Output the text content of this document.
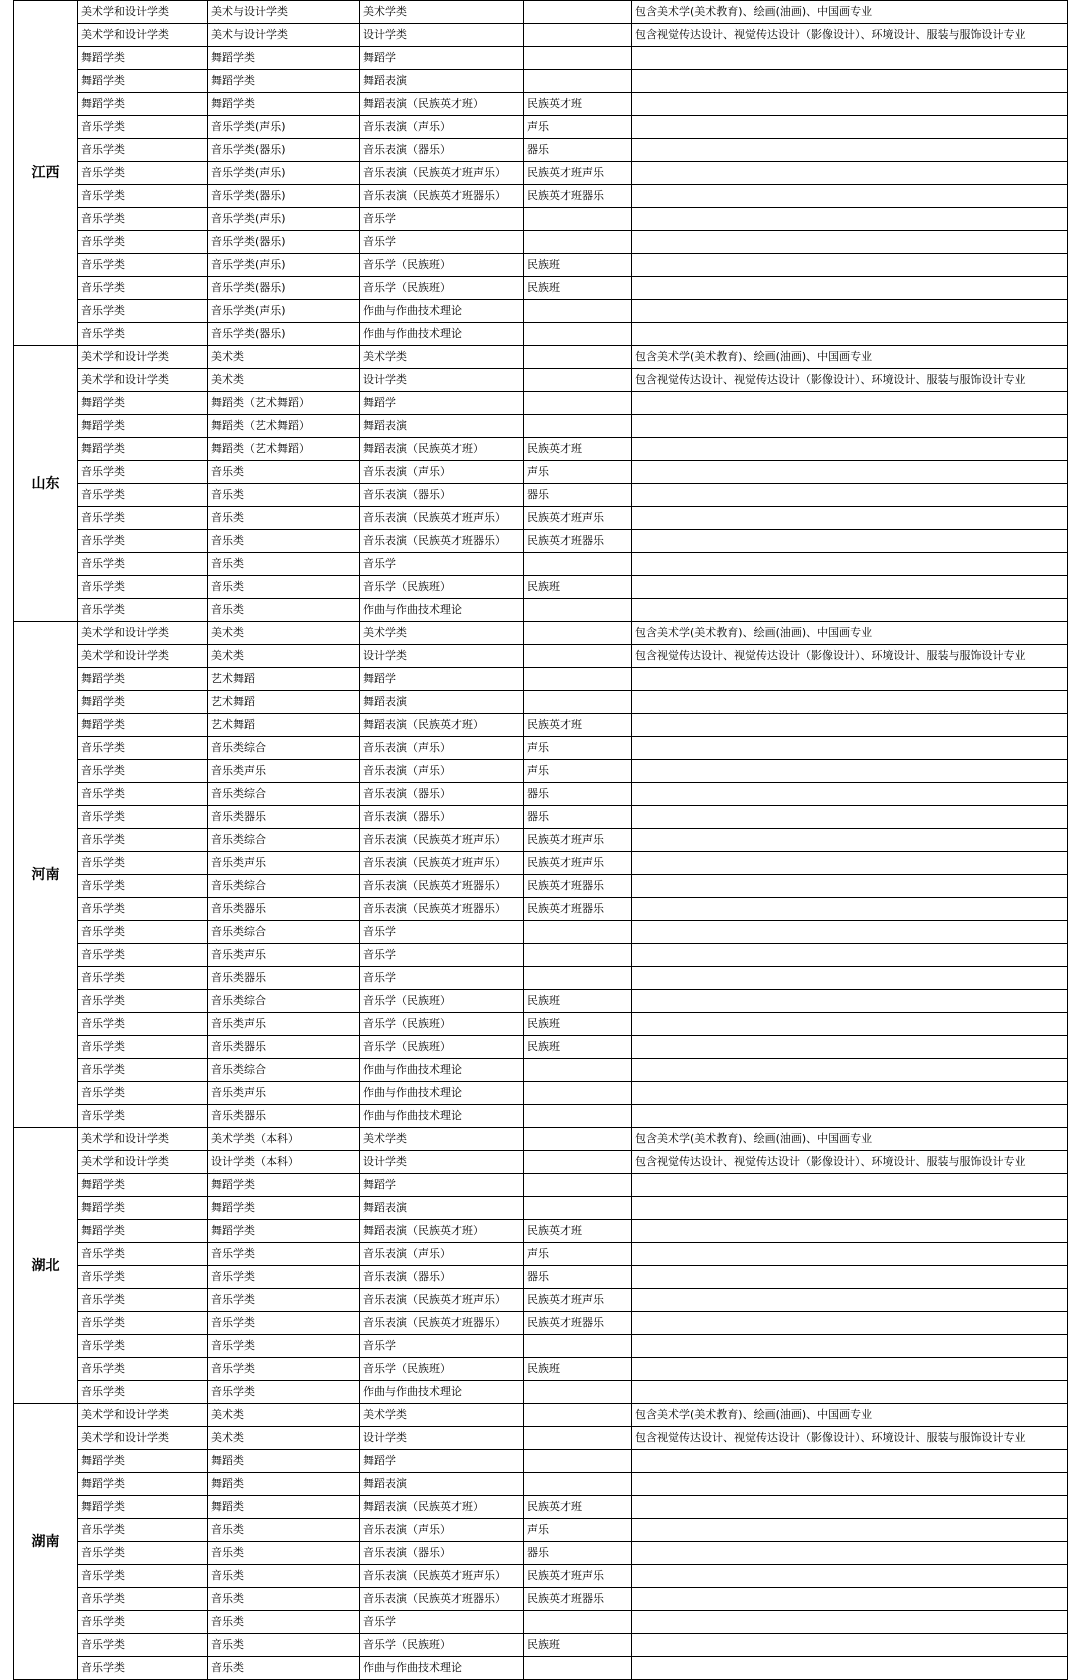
江西	美术学和设计学类	美术与设计学类	美术学类		包含美术学(美术教育)、绘画(油画)、中国画专业
	美术学和设计学类	美术与设计学类	设计学类		包含视觉传达设计、视觉传达设计（影像设计）、环境设计、服装与服饰设计专业
	舞蹈学类	舞蹈学类	舞蹈学		
	舞蹈学类	舞蹈学类	舞蹈表演		
	舞蹈学类	舞蹈学类	舞蹈表演（民族英才班）	民族英才班	
	音乐学类	音乐学类(声乐)	音乐表演（声乐）	声乐	
	音乐学类	音乐学类(器乐)	音乐表演（器乐）	器乐	
	音乐学类	音乐学类(声乐)	音乐表演（民族英才班声乐）	民族英才班声乐	
	音乐学类	音乐学类(器乐)	音乐表演（民族英才班器乐）	民族英才班器乐	
	音乐学类	音乐学类(声乐)	音乐学		
	音乐学类	音乐学类(器乐)	音乐学		
	音乐学类	音乐学类(声乐)	音乐学（民族班）	民族班	
	音乐学类	音乐学类(器乐)	音乐学（民族班）	民族班	
	音乐学类	音乐学类(声乐)	作曲与作曲技术理论		
	音乐学类	音乐学类(器乐)	作曲与作曲技术理论		
山东	美术学和设计学类	美术类	美术学类		包含美术学(美术教育)、绘画(油画)、中国画专业
	美术学和设计学类	美术类	设计学类		包含视觉传达设计、视觉传达设计（影像设计）、环境设计、服装与服饰设计专业
	舞蹈学类	舞蹈类（艺术舞蹈）	舞蹈学		
	舞蹈学类	舞蹈类（艺术舞蹈）	舞蹈表演		
	舞蹈学类	舞蹈类（艺术舞蹈）	舞蹈表演（民族英才班）	民族英才班	
	音乐学类	音乐类	音乐表演（声乐）	声乐	
	音乐学类	音乐类	音乐表演（器乐）	器乐	
	音乐学类	音乐类	音乐表演（民族英才班声乐）	民族英才班声乐	
	音乐学类	音乐类	音乐表演（民族英才班器乐）	民族英才班器乐	
	音乐学类	音乐类	音乐学		
	音乐学类	音乐类	音乐学（民族班）	民族班	
	音乐学类	音乐类	作曲与作曲技术理论		
河南	美术学和设计学类	美术类	美术学类		包含美术学(美术教育)、绘画(油画)、中国画专业
	美术学和设计学类	美术类	设计学类		包含视觉传达设计、视觉传达设计（影像设计）、环境设计、服装与服饰设计专业
	舞蹈学类	艺术舞蹈	舞蹈学		
	舞蹈学类	艺术舞蹈	舞蹈表演		
	舞蹈学类	艺术舞蹈	舞蹈表演（民族英才班）	民族英才班	
	音乐学类	音乐类综合	音乐表演（声乐）	声乐	
	音乐学类	音乐类声乐	音乐表演（声乐）	声乐	
	音乐学类	音乐类综合	音乐表演（器乐）	器乐	
	音乐学类	音乐类器乐	音乐表演（器乐）	器乐	
	音乐学类	音乐类综合	音乐表演（民族英才班声乐）	民族英才班声乐	
	音乐学类	音乐类声乐	音乐表演（民族英才班声乐）	民族英才班声乐	
	音乐学类	音乐类综合	音乐表演（民族英才班器乐）	民族英才班器乐	
	音乐学类	音乐类器乐	音乐表演（民族英才班器乐）	民族英才班器乐	
	音乐学类	音乐类综合	音乐学		
	音乐学类	音乐类声乐	音乐学		
	音乐学类	音乐类器乐	音乐学		
	音乐学类	音乐类综合	音乐学（民族班）	民族班	
	音乐学类	音乐类声乐	音乐学（民族班）	民族班	
	音乐学类	音乐类器乐	音乐学（民族班）	民族班	
	音乐学类	音乐类综合	作曲与作曲技术理论		
	音乐学类	音乐类声乐	作曲与作曲技术理论		
	音乐学类	音乐类器乐	作曲与作曲技术理论		
湖北	美术学和设计学类	美术学类（本科）	美术学类		包含美术学(美术教育)、绘画(油画)、中国画专业
	美术学和设计学类	设计学类（本科）	设计学类		包含视觉传达设计、视觉传达设计（影像设计）、环境设计、服装与服饰设计专业
	舞蹈学类	舞蹈学类	舞蹈学		
	舞蹈学类	舞蹈学类	舞蹈表演		
	舞蹈学类	舞蹈学类	舞蹈表演（民族英才班）	民族英才班	
	音乐学类	音乐学类	音乐表演（声乐）	声乐	
	音乐学类	音乐学类	音乐表演（器乐）	器乐	
	音乐学类	音乐学类	音乐表演（民族英才班声乐）	民族英才班声乐	
	音乐学类	音乐学类	音乐表演（民族英才班器乐）	民族英才班器乐	
	音乐学类	音乐学类	音乐学		
	音乐学类	音乐学类	音乐学（民族班）	民族班	
	音乐学类	音乐学类	作曲与作曲技术理论		
湖南	美术学和设计学类	美术类	美术学类		包含美术学(美术教育)、绘画(油画)、中国画专业
	美术学和设计学类	美术类	设计学类		包含视觉传达设计、视觉传达设计（影像设计）、环境设计、服装与服饰设计专业
	舞蹈学类	舞蹈类	舞蹈学		
	舞蹈学类	舞蹈类	舞蹈表演		
	舞蹈学类	舞蹈类	舞蹈表演（民族英才班）	民族英才班	
	音乐学类	音乐类	音乐表演（声乐）	声乐	
	音乐学类	音乐类	音乐表演（器乐）	器乐	
	音乐学类	音乐类	音乐表演（民族英才班声乐）	民族英才班声乐	
	音乐学类	音乐类	音乐表演（民族英才班器乐）	民族英才班器乐	
	音乐学类	音乐类	音乐学		
	音乐学类	音乐类	音乐学（民族班）	民族班	
	音乐学类	音乐类	作曲与作曲技术理论		
